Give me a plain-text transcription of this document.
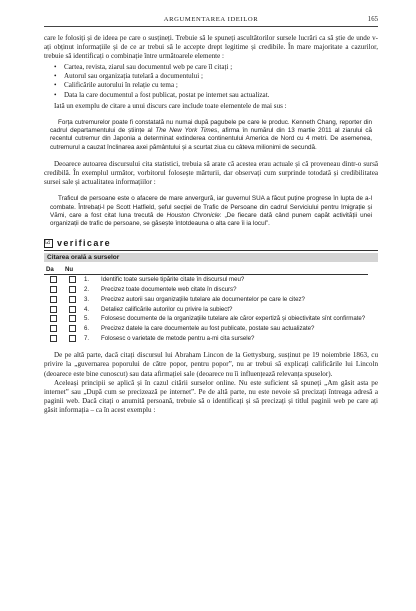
ARGUMENTAREA IDEILOR	165

care le folosiți și de ideea pe care o susțineți. Trebuie să le spuneți ascultătorilor sursele lucrări ca să știe de unde v-ați obținut informațiile și de ce ar trebui să le accepte drept legitime și credibile. În mare majoritate a cazurilor, trebuie să identificați o combinație între următoarele elemente :

• Cartea, revista, ziarul sau documentul web pe care îl citați ;
• Autorul sau organizația tutelară a documentului ;
• Calificările autorului în relație cu tema ;
• Data la care documentul a fost publicat, postat pe internet sau actualizat.

Iată un exemplu de citare a unui discurs care include toate elementele de mai sus :

Forța cutremurelor poate fi constatată nu numai după pagubele pe care le produc. Kenneth Chang, reporter din cadrul departamentului de științe al The New York Times, afirma în numărul din 13 martie 2011 al ziarului că recentul cutremur din Japonia a determinat extinderea continentului America de Nord cu 4 metri. De asemenea, cutremurul a cauzat înclinarea axei pământului și a scurtat ziua cu câteva milionimi de secundă.

Deoarece autoarea discursului cita statistici, trebuia să arate că acestea erau actuale și că proveneau dintr-o sursă credibilă. În exemplul următor, vorbitorul folosește mărturii, dar observați cum surprinde totodată și credibilitatea sursei sale și actualitatea informațiilor :

Traficul de persoane este o afacere de mare anvergură, iar guvernul SUA a făcut puține progrese în lupta de a-l combate. Întrebați-l pe Scott Hatfield, șeful secției de Trafic de Persoane din cadrul Serviciului pentru Imigrație și Vămi, care a fost citat luna trecută de Houston Chronicle: „De fiecare dată când punem capăt activității unei organizații de trafic de persoane, se găsește întotdeauna o alta care îi ia locul”.

☑ verificare
Citarea orală a surselor
Da	Nu		
		1.	Identific toate sursele tipărite citate în discursul meu?
		2.	Precizez toate documentele web citate în discurs?
		3.	Precizez autorii sau organizațiile tutelare ale documentelor pe care le citez?
		4.	Detaliez calificările autorilor cu privire la subiect?
		5.	Folosesc documente de la organizațiile tutelare ale căror expertiză și obiectivitate sînt confirmate?
		6.	Precizez datele la care documentele au fost publicate, postate sau actualizate?
		7.	Folosesc o varietate de metode pentru a-mi cita sursele?

De pe altă parte, dacă citați discursul lui Abraham Lincon de la Gettysburg, susținut pe 19 noiembrie 1863, cu privire la „guvernarea poporului de către popor, pentru popor”, nu ar trebui să explicați calificările lui Lincoln (deoarece este bine cunoscut) sau data afirmației sale (deoarece nu îi influențează relevanța spuselor).

Aceleași principii se aplică și în cazul citării surselor online. Nu este suficient să spuneți „Am găsit asta pe internet” sau „După cum se precizează pe internet”. Pe de altă parte, nu este nevoie să precizați întreaga adresă a paginii web. Dacă citați o anumită persoană, trebuie să o identificați și să precizați și titlul paginii web pe care ați găsit informația – ca în acest exemplu :
